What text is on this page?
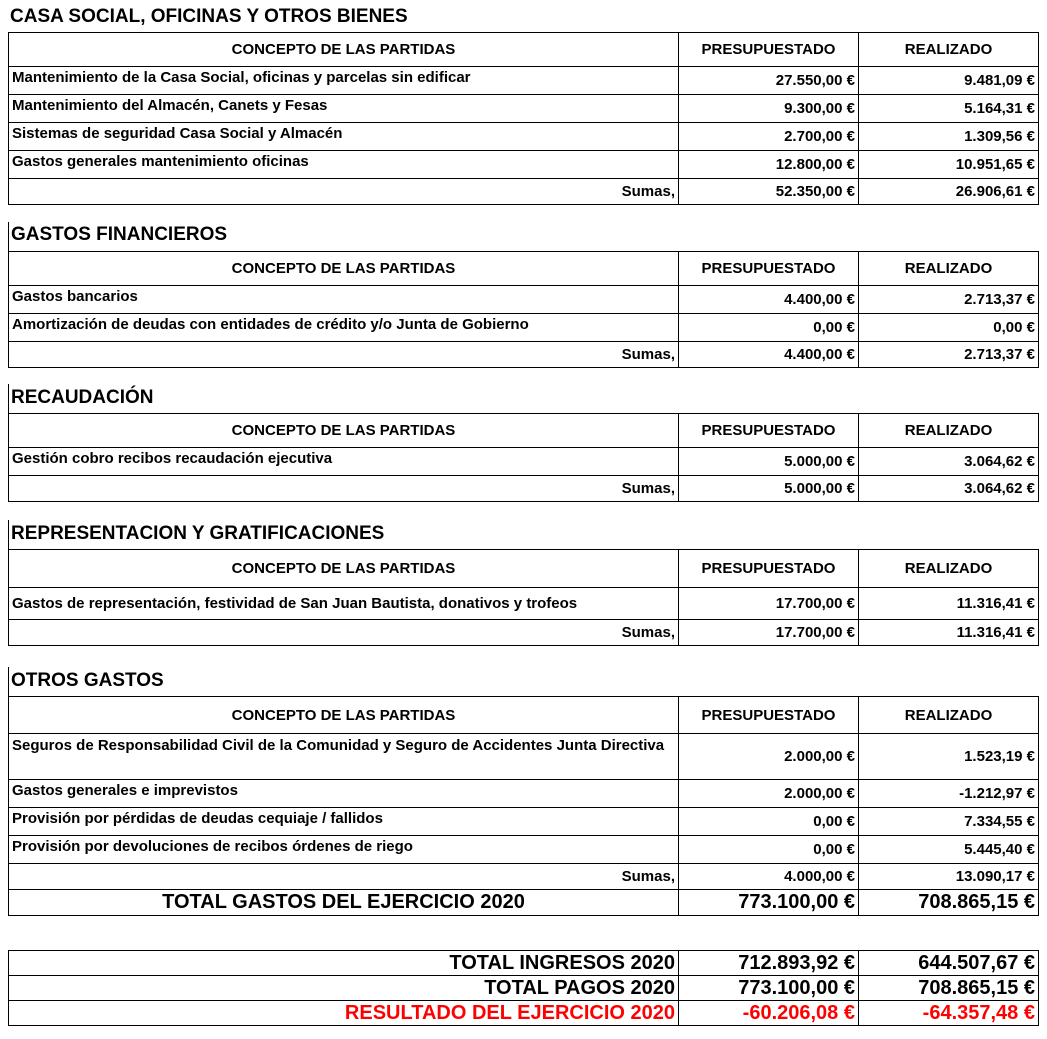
CASA SOCIAL, OFICINAS Y OTROS BIENES
CONCEPTO DE LAS PARTIDAS	PRESUPUESTADO	REALIZADO
Mantenimiento de la Casa Social, oficinas y parcelas sin edificar	27.550,00 €	9.481,09 €
Mantenimiento del Almacén, Canets y Fesas	9.300,00 €	5.164,31 €
Sistemas de seguridad Casa Social y Almacén	2.700,00 €	1.309,56 €
Gastos generales mantenimiento oficinas	12.800,00 €	10.951,65 €
Sumas,	52.350,00 €	26.906,61 €
GASTOS FINANCIEROS
CONCEPTO DE LAS PARTIDAS	PRESUPUESTADO	REALIZADO
Gastos bancarios	4.400,00 €	2.713,37 €
Amortización de deudas con entidades de crédito y/o Junta de Gobierno	0,00 €	0,00 €
Sumas,	4.400,00 €	2.713,37 €
RECAUDACIÓN
CONCEPTO DE LAS PARTIDAS	PRESUPUESTADO	REALIZADO
Gestión cobro recibos recaudación ejecutiva	5.000,00 €	3.064,62 €
Sumas,	5.000,00 €	3.064,62 €
REPRESENTACION Y GRATIFICACIONES
CONCEPTO DE LAS PARTIDAS	PRESUPUESTADO	REALIZADO
Gastos de representación, festividad de San Juan Bautista, donativos y trofeos	17.700,00 €	11.316,41 €
Sumas,	17.700,00 €	11.316,41 €
OTROS GASTOS
CONCEPTO DE LAS PARTIDAS	PRESUPUESTADO	REALIZADO
Seguros de Responsabilidad Civil de la Comunidad y Seguro de Accidentes Junta Directiva	2.000,00 €	1.523,19 €
Gastos generales e imprevistos	2.000,00 €	-1.212,97 €
Provisión por pérdidas de deudas cequiaje / fallidos	0,00 €	7.334,55 €
Provisión por devoluciones de recibos órdenes de riego	0,00 €	5.445,40 €
Sumas,	4.000,00 €	13.090,17 €
TOTAL GASTOS DEL EJERCICIO 2020	773.100,00 €	708.865,15 €
TOTAL INGRESOS 2020	712.893,92 €	644.507,67 €
TOTAL PAGOS 2020	773.100,00 €	708.865,15 €
RESULTADO DEL EJERCICIO 2020	-60.206,08 €	-64.357,48 €
